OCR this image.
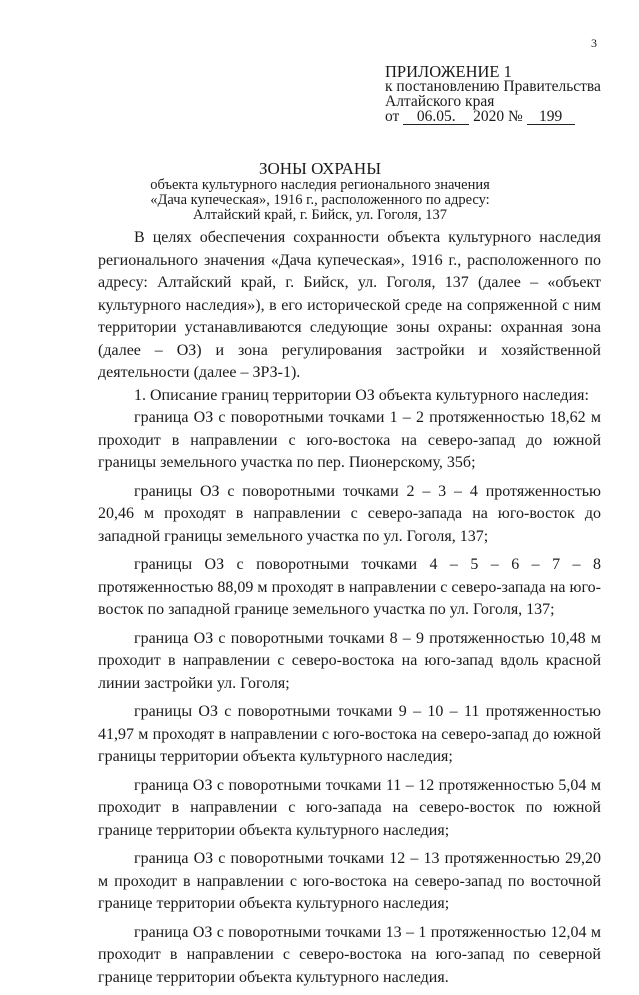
3
ПРИЛОЖЕНИЕ 1
к постановлению Правительства
Алтайского края
от 06.05. 2020 № 199
ЗОНЫ ОХРАНЫ
объекта культурного наследия регионального значения
«Дача купеческая», 1916 г., расположенного по адресу:
Алтайский край, г. Бийск, ул. Гоголя, 137

В целях обеспечения сохранности объекта культурного наследия регионального значения «Дача купеческая», 1916 г., расположенного по адресу: Алтайский край, г. Бийск, ул. Гоголя, 137 (далее – «объект культурного наследия»), в его исторической среде на сопряженной с ним территории устанавливаются следующие зоны охраны: охранная зона (далее – ОЗ) и зона регулирования застройки и хозяйственной деятельности (далее – ЗРЗ-1).

1. Описание границ территории ОЗ объекта культурного наследия:

граница ОЗ с поворотными точками 1 – 2 протяженностью 18,62 м проходит в направлении с юго-востока на северо-запад до южной границы земельного участка по пер. Пионерскому, 35б;

границы ОЗ с поворотными точками 2 – 3 – 4 протяженностью 20,46 м проходят в направлении с северо-запада на юго-восток до западной границы земельного участка по ул. Гоголя, 137;

границы ОЗ с поворотными точками 4 – 5 – 6 – 7 – 8 протяженностью 88,09 м проходят в направлении с северо-запада на юго-восток по западной границе земельного участка по ул. Гоголя, 137;

граница ОЗ с поворотными точками 8 – 9 протяженностью 10,48 м проходит в направлении с северо-востока на юго-запад вдоль красной линии застройки ул. Гоголя;

границы ОЗ с поворотными точками 9 – 10 – 11 протяженностью 41,97 м проходят в направлении с юго-востока на северо-запад до южной границы территории объекта культурного наследия;

граница ОЗ с поворотными точками 11 – 12 протяженностью 5,04 м проходит в направлении с юго-запада на северо-восток по южной границе территории объекта культурного наследия;

граница ОЗ с поворотными точками 12 – 13 протяженностью 29,20 м проходит в направлении с юго-востока на северо-запад по восточной границе территории объекта культурного наследия;

граница ОЗ с поворотными точками 13 – 1 протяженностью 12,04 м проходит в направлении с северо-востока на юго-запад по северной границе территории объекта культурного наследия.
